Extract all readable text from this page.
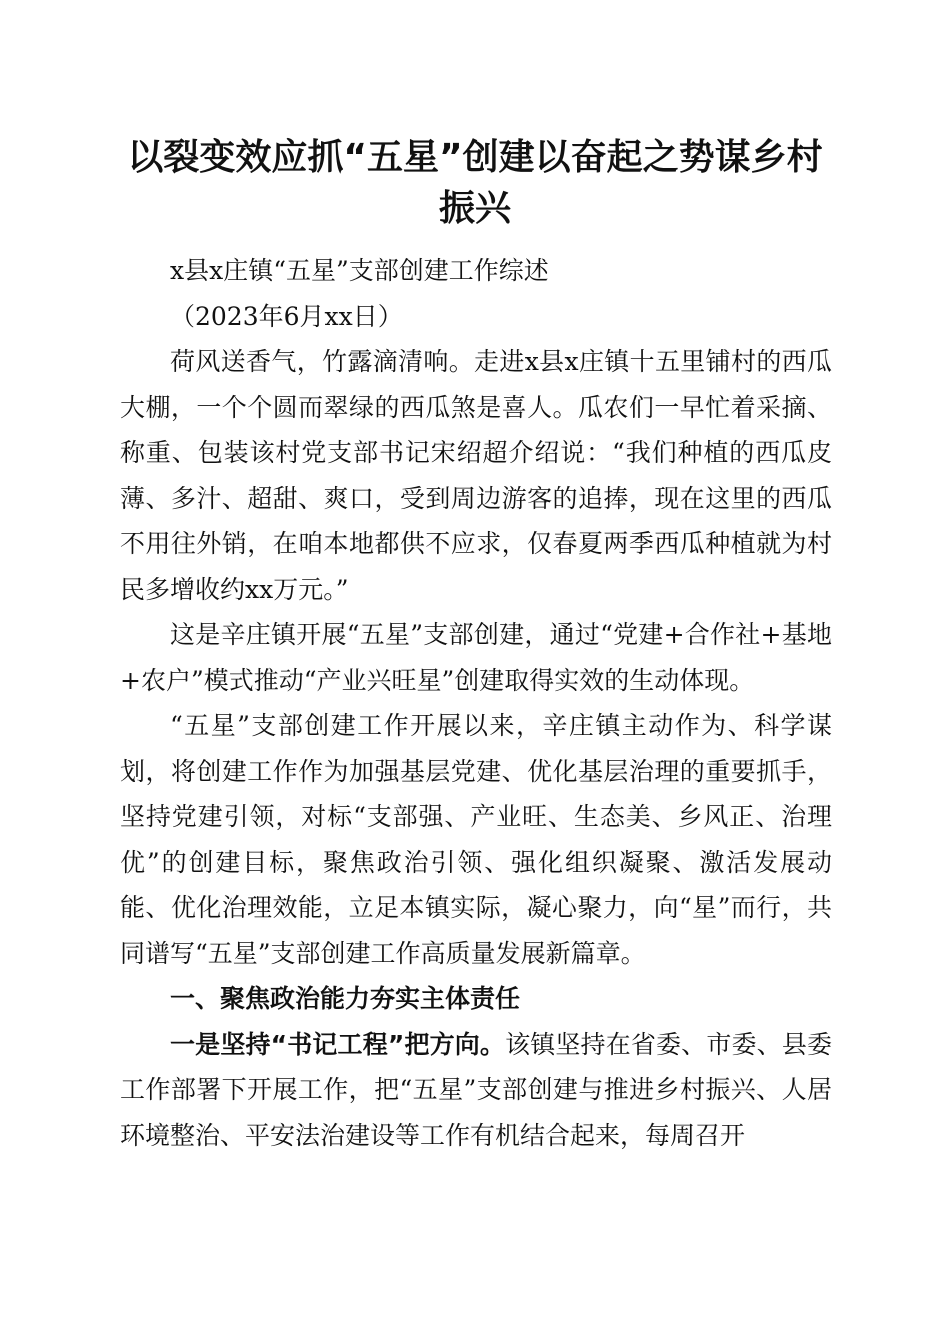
以裂变效应抓“五星”创建以奋起之势谋乡村
振兴

x县x庄镇“五星”支部创建工作综述

（2023年6月xx日）

荷风送香气，竹露滴清响。走进x县x庄镇十五里铺村的西瓜大棚，一个个圆而翠绿的西瓜煞是喜人。瓜农们一早忙着采摘、称重、包装该村党支部书记宋绍超介绍说：“我们种植的西瓜皮薄、多汁、超甜、爽口，受到周边游客的追捧，现在这里的西瓜不用往外销，在咱本地都供不应求，仅春夏两季西瓜种植就为村民多增收约xx万元。”

这是辛庄镇开展“五星”支部创建，通过“党建+合作社+基地+农户”模式推动“产业兴旺星”创建取得实效的生动体现。

“五星”支部创建工作开展以来，辛庄镇主动作为、科学谋划，将创建工作作为加强基层党建、优化基层治理的重要抓手，坚持党建引领，对标“支部强、产业旺、生态美、乡风正、治理优”的创建目标，聚焦政治引领、强化组织凝聚、激活发展动能、优化治理效能，立足本镇实际，凝心聚力，向“星”而行，共同谱写“五星”支部创建工作高质量发展新篇章。

一、聚焦政治能力夯实主体责任

一是坚持“书记工程”把方向。该镇坚持在省委、市委、县委工作部署下开展工作，把“五星”支部创建与推进乡村振兴、人居环境整治、平安法治建设等工作有机结合起来，每周召开
